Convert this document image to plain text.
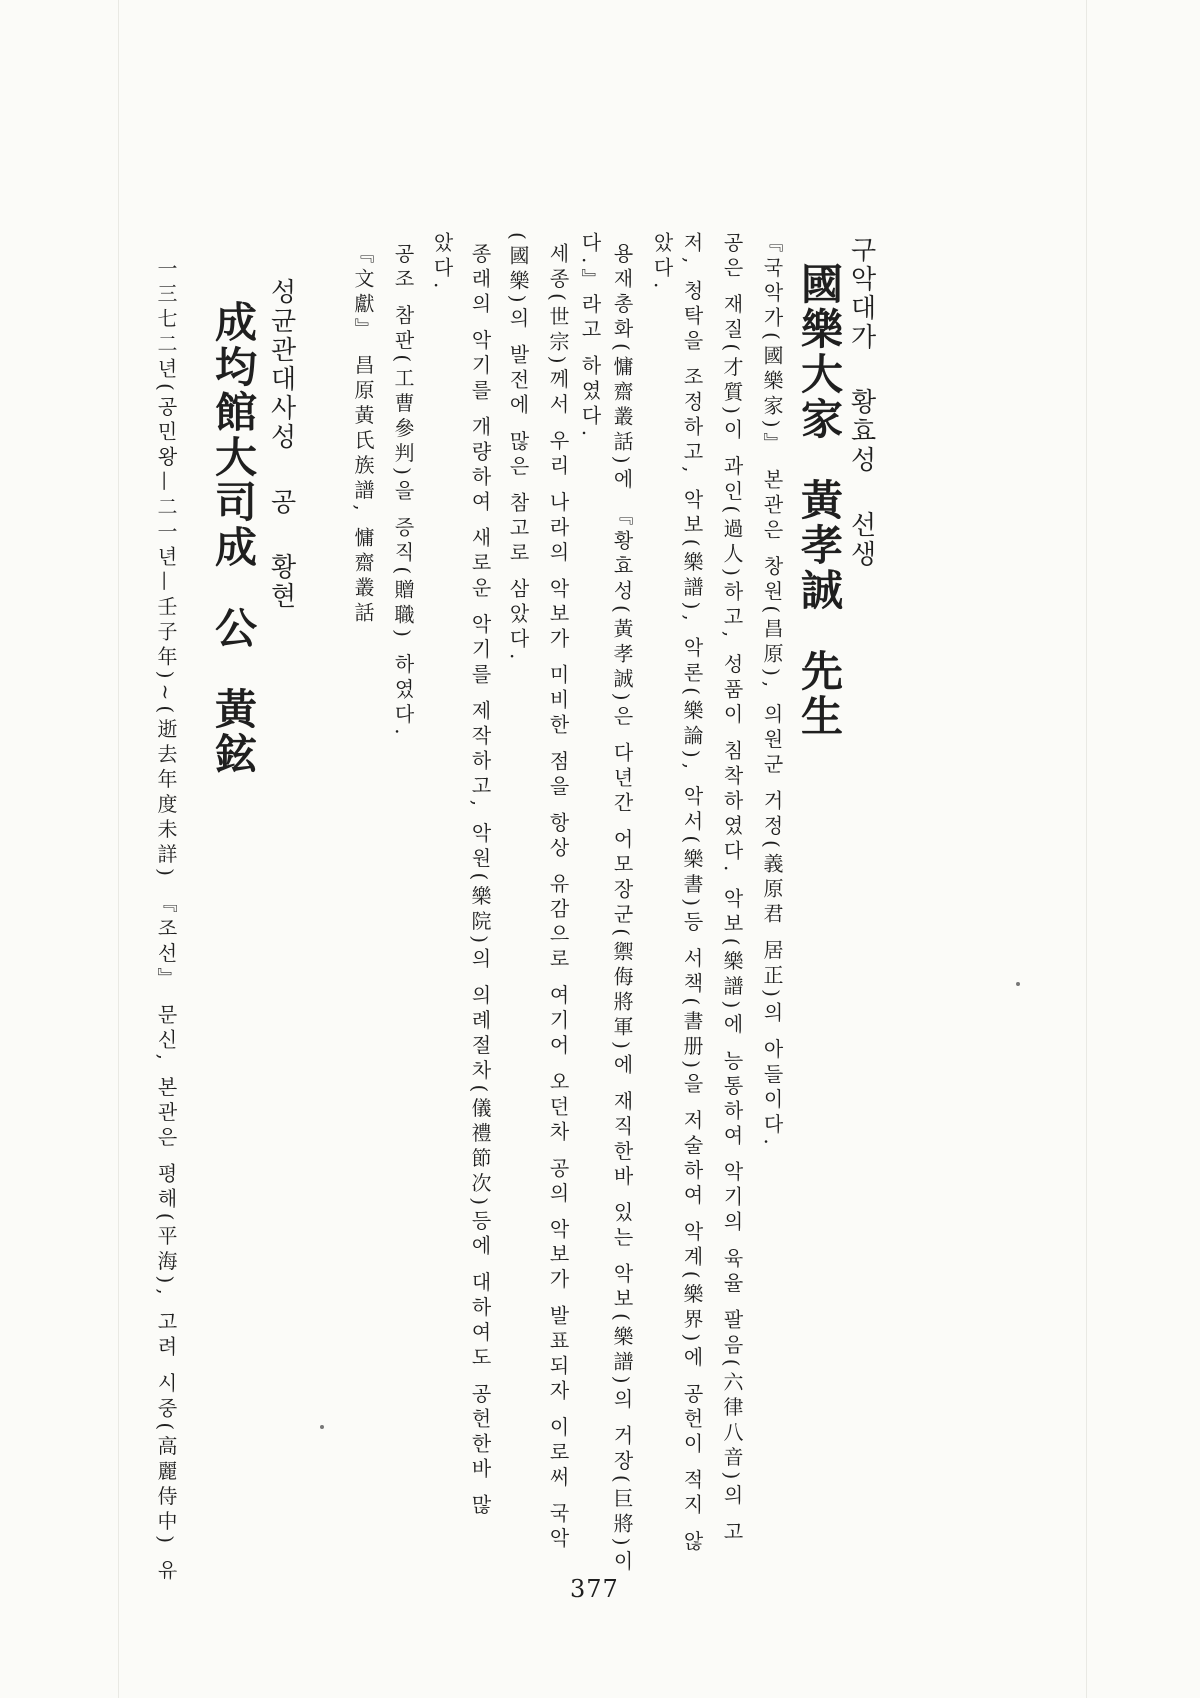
구악대가황효성선생
國樂大家黃孝誠先生
『국악가(國樂家)』 본관은 창원(昌原), 의원군 거정(義原君 居正)의 아들이다.
공은 재질(才質)이 과인(過人)하고, 성품이 침착하였다. 악보(樂譜)에 능통하여 악기의 육율 팔음(六律八音)의 고
저, 청탁을 조정하고, 악보(樂譜), 악론(樂論), 악서(樂書)등 서책(書册)을 저술하여 악계(樂界)에 공헌이 적지 않
았다.
용재총화(慵齋叢話)에 『황효성(黃孝誠)은 다년간 어모장군(禦侮將軍)에 재직한바 있는 악보(樂譜)의 거장(巨將)이
다.』라고 하였다.
세종(世宗)께서 우리 나라의 악보가 미비한 점을 항상 유감으로 여기어 오던차 공의 악보가 발표되자 이로써 국악
(國樂)의 발전에 많은 참고로 삼았다.
종래의 악기를 개량하여 새로운 악기를 제작하고, 악원(樂院)의 의례절차(儀禮節次)등에 대하여도 공헌한바 많
았다.
공조 참판(工曹參判)을 증직(贈職) 하였다.
『文獻』 昌原黃氏族譜, 慵齋叢話
성균관대사성공황현
成均館大司成公黃鉉
一三七二년(공민왕—二一년—壬子年)~(逝去年度未詳) 『조선』 문신, 본관은 평해(平海), 고려 시중(高麗侍中) 유
377
